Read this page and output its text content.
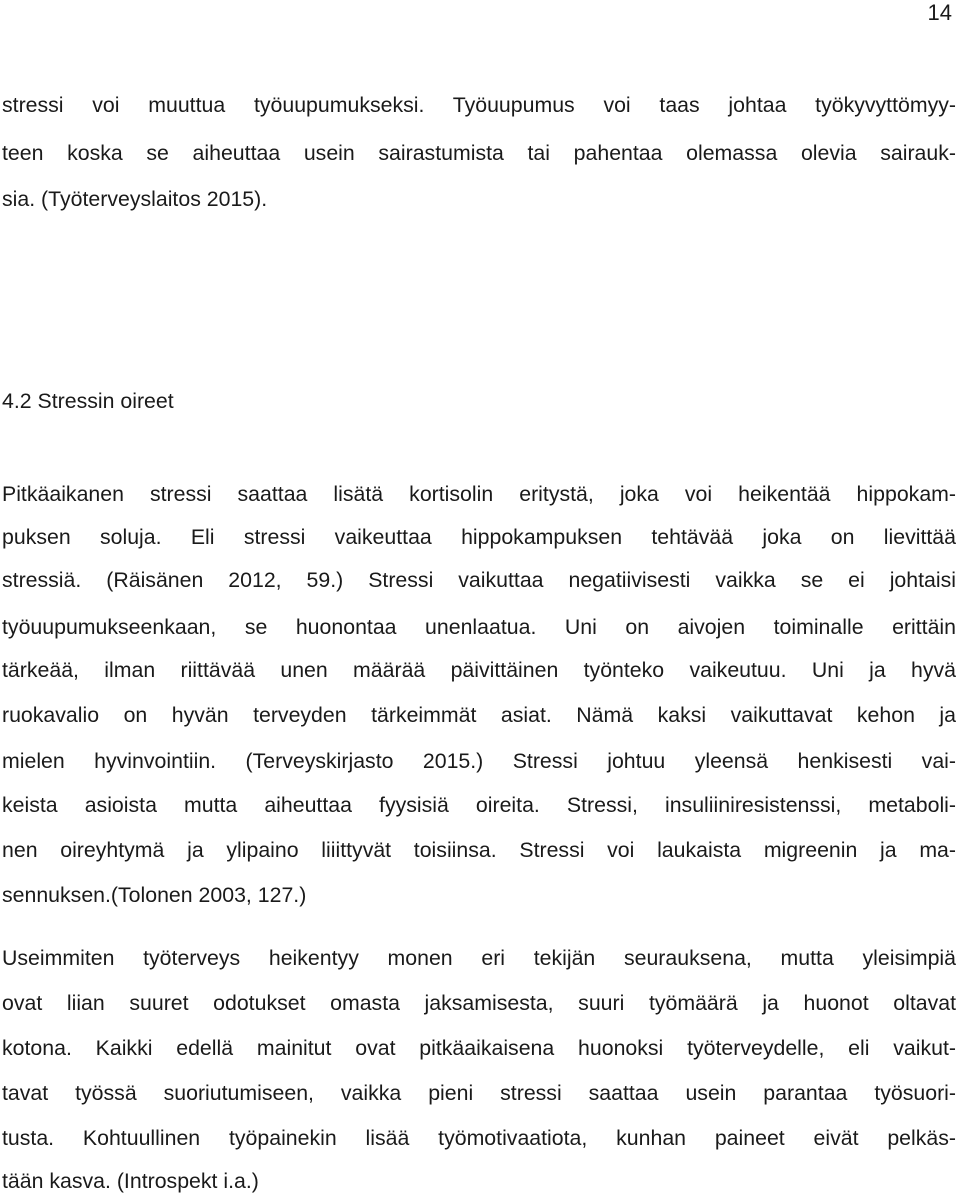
14
stressi voi muuttua työuupumukseksi. Työuupumus voi taas johtaa työkyvyttömyy-
teen koska se aiheuttaa usein sairastumista tai pahentaa olemassa olevia sairauk-
sia. (Työterveyslaitos 2015).
4.2 Stressin oireet
Pitkäaikanen stressi saattaa lisätä kortisolin eritystä, joka voi heikentää hippokam-
puksen soluja. Eli stressi vaikeuttaa hippokampuksen tehtävää joka on lievittää
stressiä. (Räisänen 2012, 59.) Stressi vaikuttaa negatiivisesti vaikka se ei johtaisi
työuupumukseenkaan, se huonontaa unenlaatua. Uni on aivojen toiminalle erittäin
tärkeää, ilman riittävää unen määrää päivittäinen työnteko vaikeutuu. Uni ja hyvä
ruokavalio on hyvän terveyden tärkeimmät asiat. Nämä kaksi vaikuttavat kehon ja
mielen hyvinvointiin. (Terveyskirjasto 2015.) Stressi johtuu yleensä henkisesti vai-
keista asioista mutta aiheuttaa fyysisiä oireita. Stressi, insuliiniresistenssi, metaboli-
nen oireyhtymä ja ylipaino liiittyvät toisiinsa. Stressi voi laukaista migreenin ja ma-
sennuksen.(Tolonen 2003, 127.)
Useimmiten työterveys heikentyy monen eri tekijän seurauksena, mutta yleisimpiä
ovat liian suuret odotukset omasta jaksamisesta, suuri työmäärä ja huonot oltavat
kotona. Kaikki edellä mainitut ovat pitkäaikaisena huonoksi työterveydelle, eli vaikut-
tavat työssä suoriutumiseen, vaikka pieni stressi saattaa usein parantaa työsuori-
tusta. Kohtuullinen työpainekin lisää työmotivaatiota, kunhan paineet eivät pelkäs-
tään kasva. (Introspekt i.a.)
